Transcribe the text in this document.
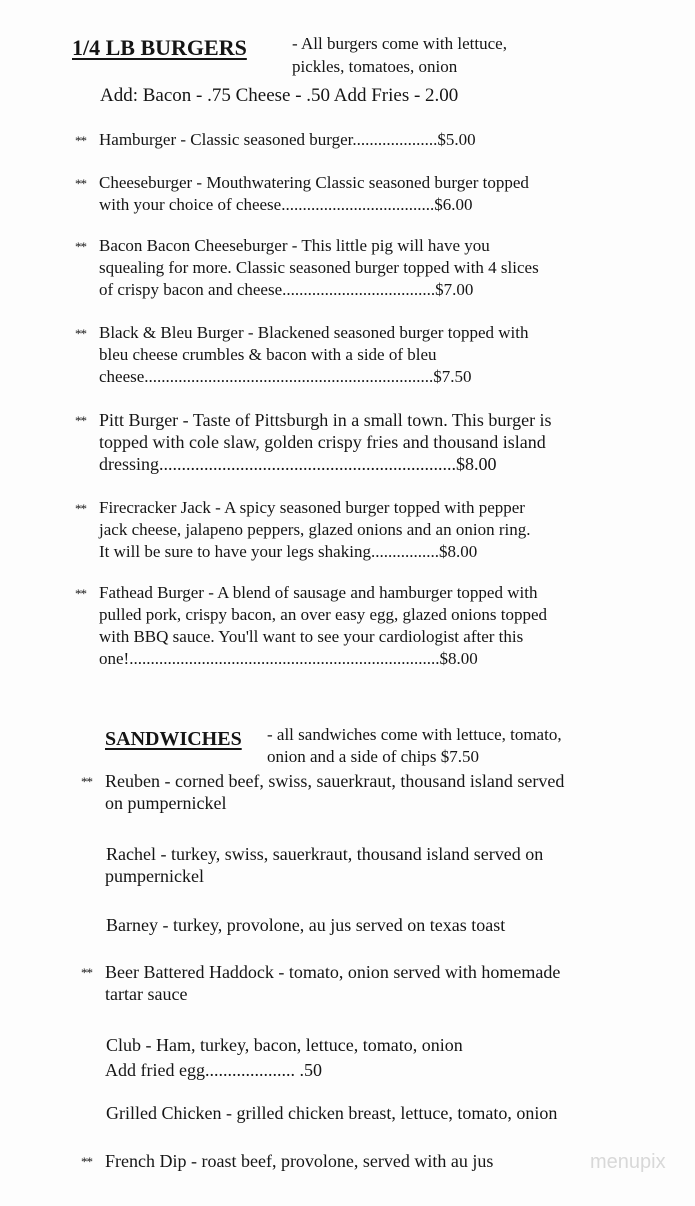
1/4 LB BURGERS	- All burgers come with lettuce,
pickles, tomatoes, onion
Add: Bacon - .75 Cheese - .50 Add Fries - 2.00
** Hamburger - Classic seasoned burger....................$5.00
** Cheeseburger - Mouthwatering Classic seasoned burger topped
with your choice of cheese....................................$6.00
** Bacon Bacon Cheeseburger - This little pig will have you
squealing for more. Classic seasoned burger topped with 4 slices
of crispy bacon and cheese....................................$7.00
** Black & Bleu Burger - Blackened seasoned burger topped with
bleu cheese crumbles & bacon with a side of bleu
cheese....................................................................$7.50
** Pitt Burger - Taste of Pittsburgh in a small town. This burger is
topped with cole slaw, golden crispy fries and thousand island
dressing..................................................................$8.00
** Firecracker Jack - A spicy seasoned burger topped with pepper
jack cheese, jalapeno peppers, glazed onions and an onion ring.
It will be sure to have your legs shaking................$8.00
** Fathead Burger - A blend of sausage and hamburger topped with
pulled pork, crispy bacon, an over easy egg, glazed onions topped
with BBQ sauce. You'll want to see your cardiologist after this
one!.........................................................................$8.00
SANDWICHES - all sandwiches come with lettuce, tomato,
onion and a side of chips $7.50
** Reuben - corned beef, swiss, sauerkraut, thousand island served
on pumpernickel
Rachel - turkey, swiss, sauerkraut, thousand island served on
pumpernickel
Barney - turkey, provolone, au jus served on texas toast
** Beer Battered Haddock - tomato, onion served with homemade
tartar sauce
Club - Ham, turkey, bacon, lettuce, tomato, onion
Add fried egg.................... .50
Grilled Chicken - grilled chicken breast, lettuce, tomato, onion
** French Dip - roast beef, provolone, served with au jus	menupix
